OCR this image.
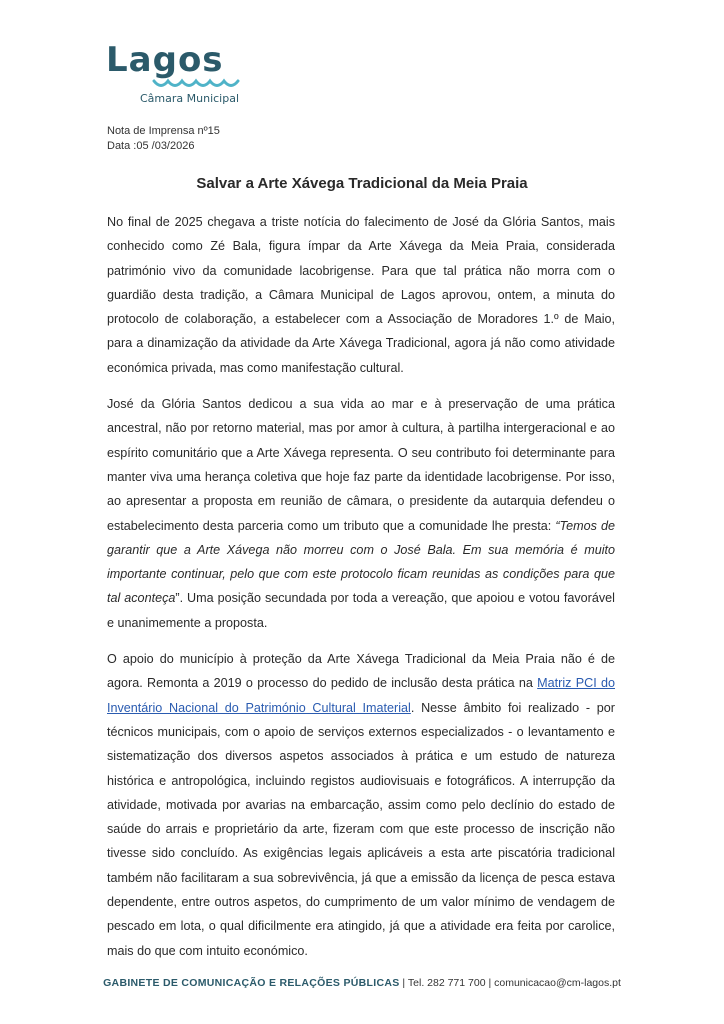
Lagos
Câmara Municipal
Nota de Imprensa nº15
Data :05 /03/2026
Salvar a Arte Xávega Tradicional da Meia Praia

No final de 2025 chegava a triste notícia do falecimento de José da Glória Santos, mais conhecido como Zé Bala, figura ímpar da Arte Xávega da Meia Praia, considerada património vivo da comunidade lacobrigense. Para que tal prática não morra com o guardião desta tradição, a Câmara Municipal de Lagos aprovou, ontem, a minuta do protocolo de colaboração, a estabelecer com a Associação de Moradores 1.º de Maio, para a dinamização da atividade da Arte Xávega Tradicional, agora já não como atividade económica privada, mas como manifestação cultural.

José da Glória Santos dedicou a sua vida ao mar e à preservação de uma prática ancestral, não por retorno material, mas por amor à cultura, à partilha intergeracional e ao espírito comunitário que a Arte Xávega representa. O seu contributo foi determinante para manter viva uma herança coletiva que hoje faz parte da identidade lacobrigense. Por isso, ao apresentar a proposta em reunião de câmara, o presidente da autarquia defendeu o estabelecimento desta parceria como um tributo que a comunidade lhe presta: “Temos de garantir que a Arte Xávega não morreu com o José Bala. Em sua memória é muito importante continuar, pelo que com este protocolo ficam reunidas as condições para que tal aconteça”. Uma posição secundada por toda a vereação, que apoiou e votou favorável e unanimemente a proposta.

O apoio do município à proteção da Arte Xávega Tradicional da Meia Praia não é de agora. Remonta a 2019 o processo do pedido de inclusão desta prática na Matriz PCI do Inventário Nacional do Património Cultural Imaterial. Nesse âmbito foi realizado - por técnicos municipais, com o apoio de serviços externos especializados - o levantamento e sistematização dos diversos aspetos associados à prática e um estudo de natureza histórica e antropológica, incluindo registos audiovisuais e fotográficos. A interrupção da atividade, motivada por avarias na embarcação, assim como pelo declínio do estado de saúde do arrais e proprietário da arte, fizeram com que este processo de inscrição não tivesse sido concluído. As exigências legais aplicáveis a esta arte piscatória tradicional também não facilitaram a sua sobrevivência, já que a emissão da licença de pesca estava dependente, entre outros aspetos, do cumprimento de um valor mínimo de vendagem de pescado em lota, o qual dificilmente era atingido, já que a atividade era feita por carolice, mais do que com intuito económico.

GABINETE DE COMUNICAÇÃO E RELAÇÕES PÚBLICAS | Tel. 282 771 700 | comunicacao@cm-lagos.pt
